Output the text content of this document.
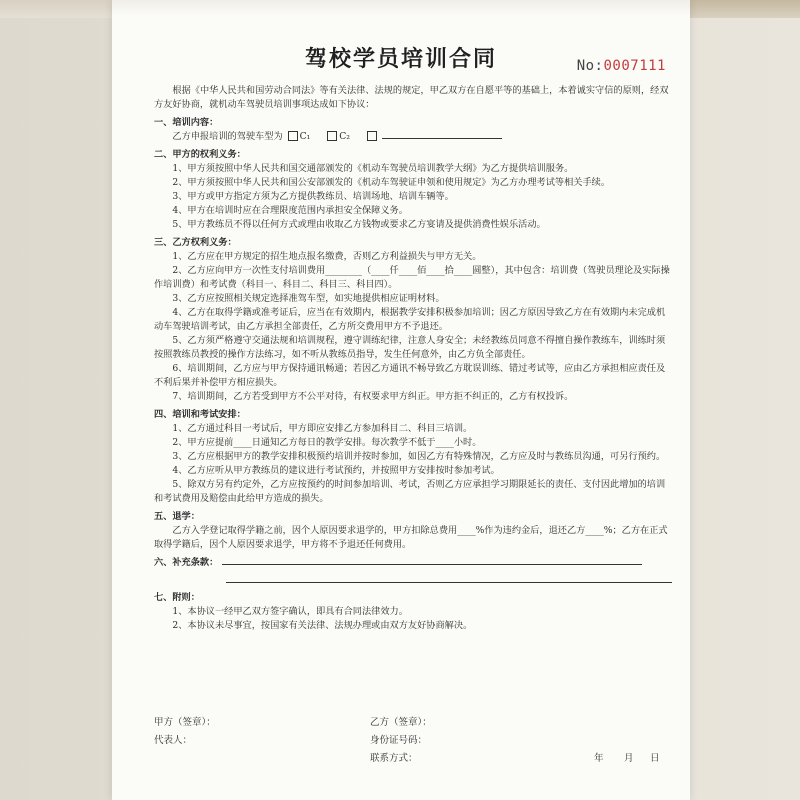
驾校学员培训合同	No:0007111

根据《中华人民共和国劳动合同法》等有关法律、法规的规定，甲乙双方在自愿平等的基础上，本着诚实守信的原则，经双方友好协商，就机动车驾驶员培训事项达成如下协议：

一、培训内容：

乙方申报培训的驾驶车型为 C₁	C₂

二、甲方的权利义务：

1、甲方须按照中华人民共和国交通部颁发的《机动车驾驶员培训教学大纲》为乙方提供培训服务。

2、甲方须按照中华人民共和国公安部颁发的《机动车驾驶证申领和使用规定》为乙方办理考试等相关手续。

3、甲方或甲方指定方须为乙方提供教练员、培训场地、培训车辆等。

4、甲方在培训时应在合理限度范围内承担安全保障义务。

5、甲方教练员不得以任何方式或理由收取乙方钱物或要求乙方宴请及提供消费性娱乐活动。

三、乙方权利义务：

1、乙方应在甲方规定的招生地点报名缴费，否则乙方利益损失与甲方无关。

2、乙方应向甲方一次性支付培训费用________（____仟____佰____拾____圆整），其中包含：培训费（驾驶员理论及实际操作培训费）和考试费（科目一、科目二、科目三、科目四）。

3、乙方应按照相关规定选择准驾车型，如实地提供相应证明材料。

4、乙方在取得学籍或准考证后，应当在有效期内，根据教学安排积极参加培训；因乙方原因导致乙方在有效期内未完成机动车驾驶培训考试，由乙方承担全部责任，乙方所交费用甲方不予退还。

5、乙方须严格遵守交通法规和培训规程，遵守训练纪律，注意人身安全；未经教练员同意不得擅自操作教练车，训练时须按照教练员教授的操作方法练习，如不听从教练员指导，发生任何意外，由乙方负全部责任。

6、培训期间，乙方应与甲方保持通讯畅通；若因乙方通讯不畅导致乙方耽误训练、错过考试等，应由乙方承担相应责任及不利后果并补偿甲方相应损失。

7、培训期间，乙方若受到甲方不公平对待，有权要求甲方纠正。甲方拒不纠正的，乙方有权投诉。

四、培训和考试安排：

1、乙方通过科目一考试后，甲方即应安排乙方参加科目二、科目三培训。

2、甲方应提前____日通知乙方每日的教学安排。每次教学不低于____小时。

3、乙方应根据甲方的教学安排积极预约培训并按时参加，如因乙方有特殊情况，乙方应及时与教练员沟通，可另行预约。

4、乙方应听从甲方教练员的建议进行考试预约，并按照甲方安排按时参加考试。

5、除双方另有约定外，乙方应按预约的时间参加培训、考试，否则乙方应承担学习期限延长的责任、支付因此增加的培训和考试费用及赔偿由此给甲方造成的损失。

五、退学：

乙方入学登记取得学籍之前，因个人原因要求退学的，甲方扣除总费用____%作为违约金后，退还乙方____%；乙方在正式取得学籍后，因个人原因要求退学，甲方将不予退还任何费用。

六、补充条款：

七、附则：

1、本协议一经甲乙双方签字确认，即具有合同法律效力。

2、本协议未尽事宜，按国家有关法律、法规办理或由双方友好协商解决。

甲方（签章）：	乙方（签章）：
代表人：	身份证号码：
联系方式：	年 月 日
